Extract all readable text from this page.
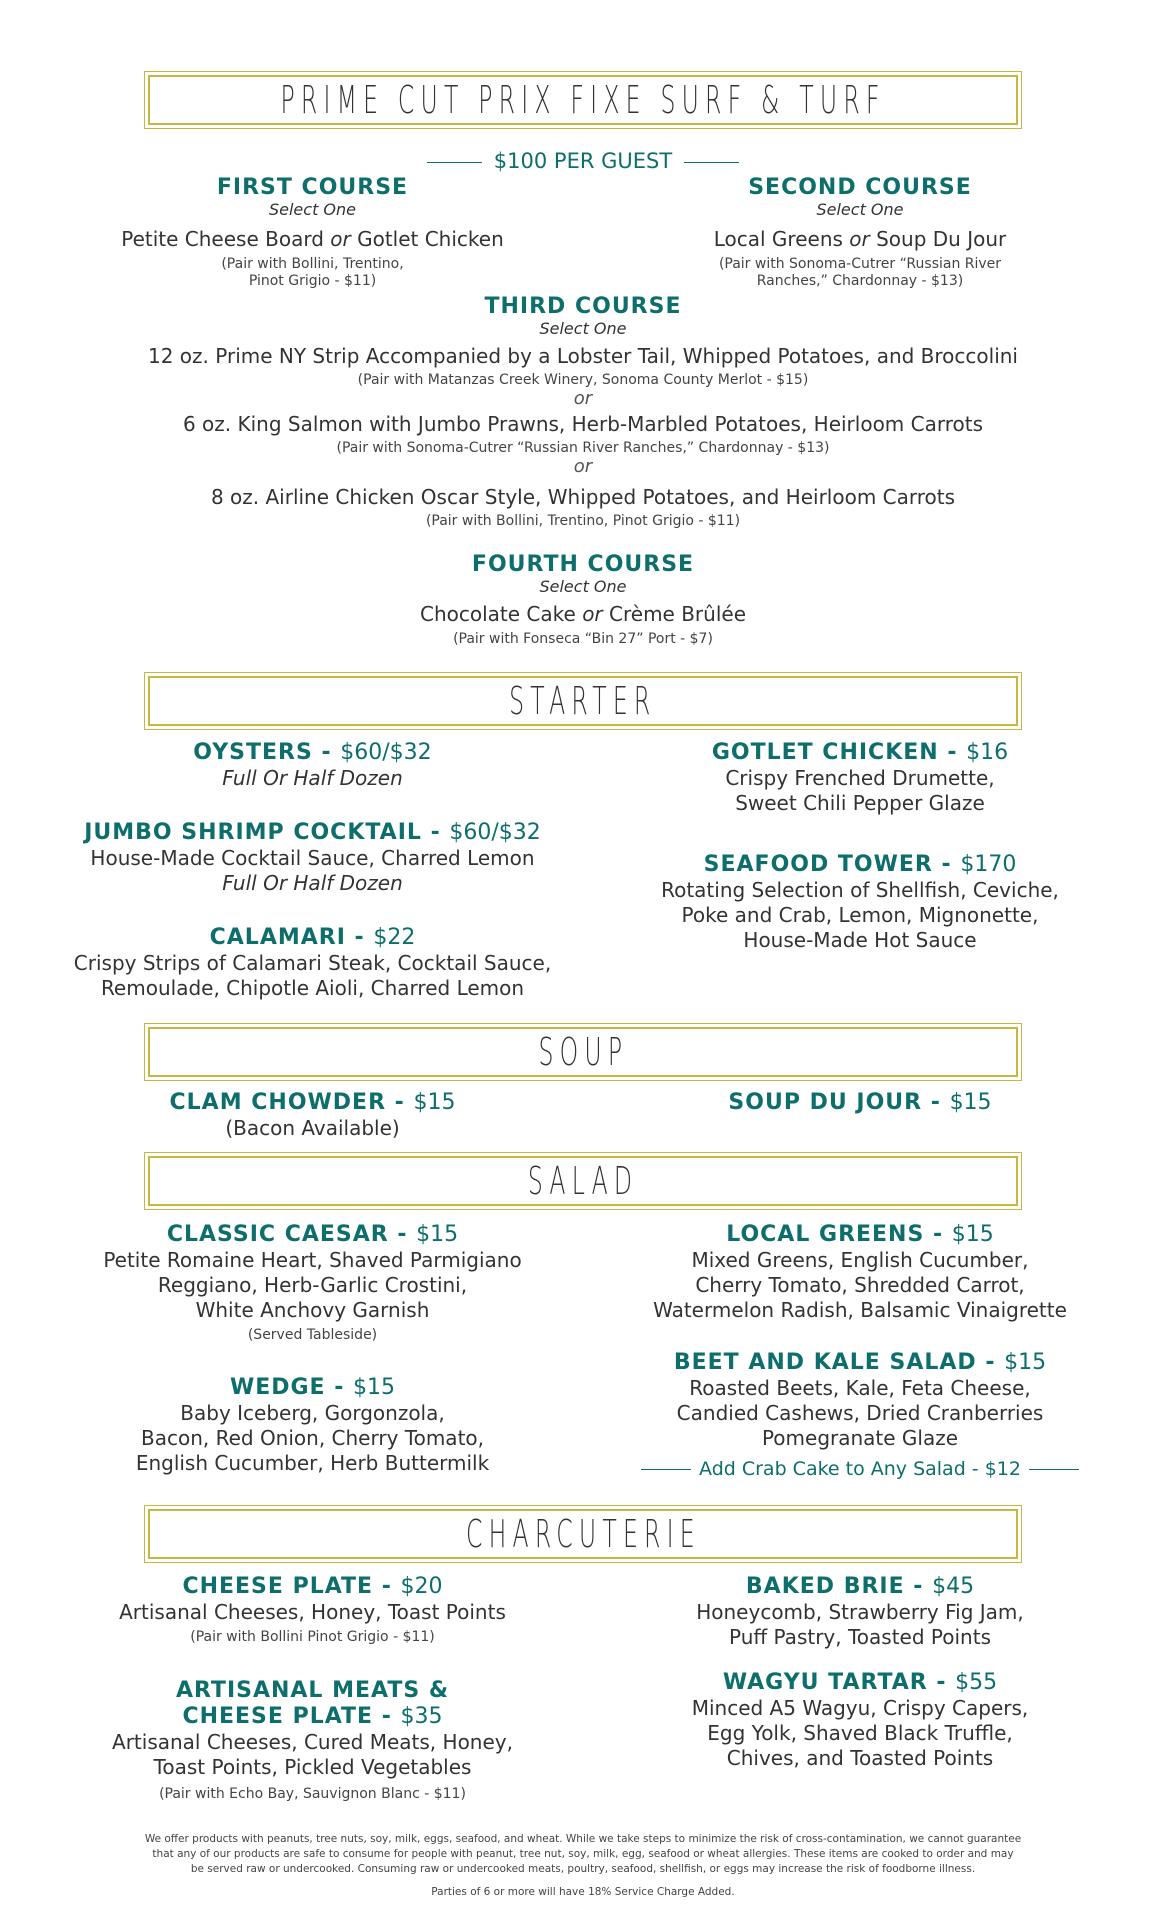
PRIME CUT PRIX FIXE SURF & TURF
$100 PER GUEST
FIRST COURSE
Select One
Petite Cheese Board or Gotlet Chicken
(Pair with Bollini, Trentino,
Pinot Grigio - $11)
SECOND COURSE
Select One
Local Greens or Soup Du Jour
(Pair with Sonoma-Cutrer “Russian River
Ranches,” Chardonnay - $13)
THIRD COURSE
Select One
12 oz. Prime NY Strip Accompanied by a Lobster Tail, Whipped Potatoes, and Broccolini
(Pair with Matanzas Creek Winery, Sonoma County Merlot - $15)
or
6 oz. King Salmon with Jumbo Prawns, Herb-Marbled Potatoes, Heirloom Carrots
(Pair with Sonoma-Cutrer “Russian River Ranches,” Chardonnay - $13)
or
8 oz. Airline Chicken Oscar Style, Whipped Potatoes, and Heirloom Carrots
(Pair with Bollini, Trentino, Pinot Grigio - $11)
FOURTH COURSE
Select One
Chocolate Cake or Crème Brûlée
(Pair with Fonseca “Bin 27” Port - $7)
STARTER
OYSTERS - $60/$32
Full Or Half Dozen
JUMBO SHRIMP COCKTAIL - $60/$32
House-Made Cocktail Sauce, Charred Lemon
Full Or Half Dozen
CALAMARI - $22
Crispy Strips of Calamari Steak, Cocktail Sauce,
Remoulade, Chipotle Aioli, Charred Lemon
GOTLET CHICKEN - $16
Crispy Frenched Drumette,
Sweet Chili Pepper Glaze
SEAFOOD TOWER - $170
Rotating Selection of Shellfish, Ceviche,
Poke and Crab, Lemon, Mignonette,
House-Made Hot Sauce
SOUP
CLAM CHOWDER - $15
(Bacon Available)
SOUP DU JOUR - $15
SALAD
CLASSIC CAESAR - $15
Petite Romaine Heart, Shaved Parmigiano
Reggiano, Herb-Garlic Crostini,
White Anchovy Garnish
(Served Tableside)
WEDGE - $15
Baby Iceberg, Gorgonzola,
Bacon, Red Onion, Cherry Tomato,
English Cucumber, Herb Buttermilk
LOCAL GREENS - $15
Mixed Greens, English Cucumber,
Cherry Tomato, Shredded Carrot,
Watermelon Radish, Balsamic Vinaigrette
BEET AND KALE SALAD - $15
Roasted Beets, Kale, Feta Cheese,
Candied Cashews, Dried Cranberries
Pomegranate Glaze
Add Crab Cake to Any Salad - $12
CHARCUTERIE
CHEESE PLATE - $20
Artisanal Cheeses, Honey, Toast Points
(Pair with Bollini Pinot Grigio - $11)
ARTISANAL MEATS &
CHEESE PLATE - $35
Artisanal Cheeses, Cured Meats, Honey,
Toast Points, Pickled Vegetables
(Pair with Echo Bay, Sauvignon Blanc - $11)
BAKED BRIE - $45
Honeycomb, Strawberry Fig Jam,
Puff Pastry, Toasted Points
WAGYU TARTAR - $55
Minced A5 Wagyu, Crispy Capers,
Egg Yolk, Shaved Black Truffle,
Chives, and Toasted Points
We offer products with peanuts, tree nuts, soy, milk, eggs, seafood, and wheat. While we take steps to minimize the risk of cross-contamination, we cannot guarantee
that any of our products are safe to consume for people with peanut, tree nut, soy, milk, egg, seafood or wheat allergies. These items are cooked to order and may
be served raw or undercooked. Consuming raw or undercooked meats, poultry, seafood, shellfish, or eggs may increase the risk of foodborne illness.
Parties of 6 or more will have 18% Service Charge Added.
